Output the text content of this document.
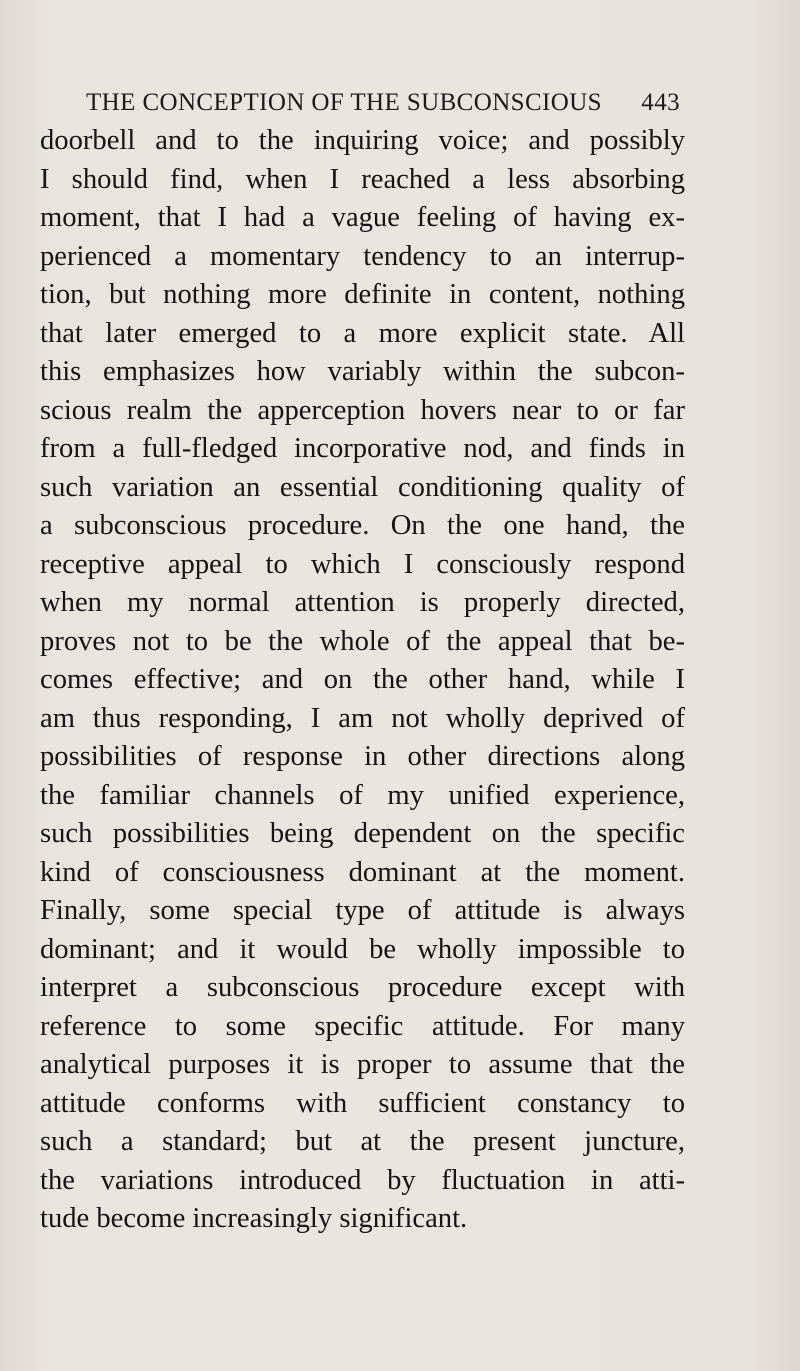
THE CONCEPTION OF THE SUBCONSCIOUS 443
doorbell and to the inquiring voice; and possibly
I should find, when I reached a less absorbing
moment, that I had a vague feeling of having ex-
perienced a momentary tendency to an interrup-
tion, but nothing more definite in content, nothing
that later emerged to a more explicit state. All
this emphasizes how variably within the subcon-
scious realm the apperception hovers near to or far
from a full-fledged incorporative nod, and finds in
such variation an essential conditioning quality of
a subconscious procedure. On the one hand, the
receptive appeal to which I consciously respond
when my normal attention is properly directed,
proves not to be the whole of the appeal that be-
comes effective; and on the other hand, while I
am thus responding, I am not wholly deprived of
possibilities of response in other directions along
the familiar channels of my unified experience,
such possibilities being dependent on the specific
kind of consciousness dominant at the moment.
Finally, some special type of attitude is always
dominant; and it would be wholly impossible to
interpret a subconscious procedure except with
reference to some specific attitude. For many
analytical purposes it is proper to assume that the
attitude conforms with sufficient constancy to
such a standard; but at the present juncture,
the variations introduced by fluctuation in atti-
tude become increasingly significant.
